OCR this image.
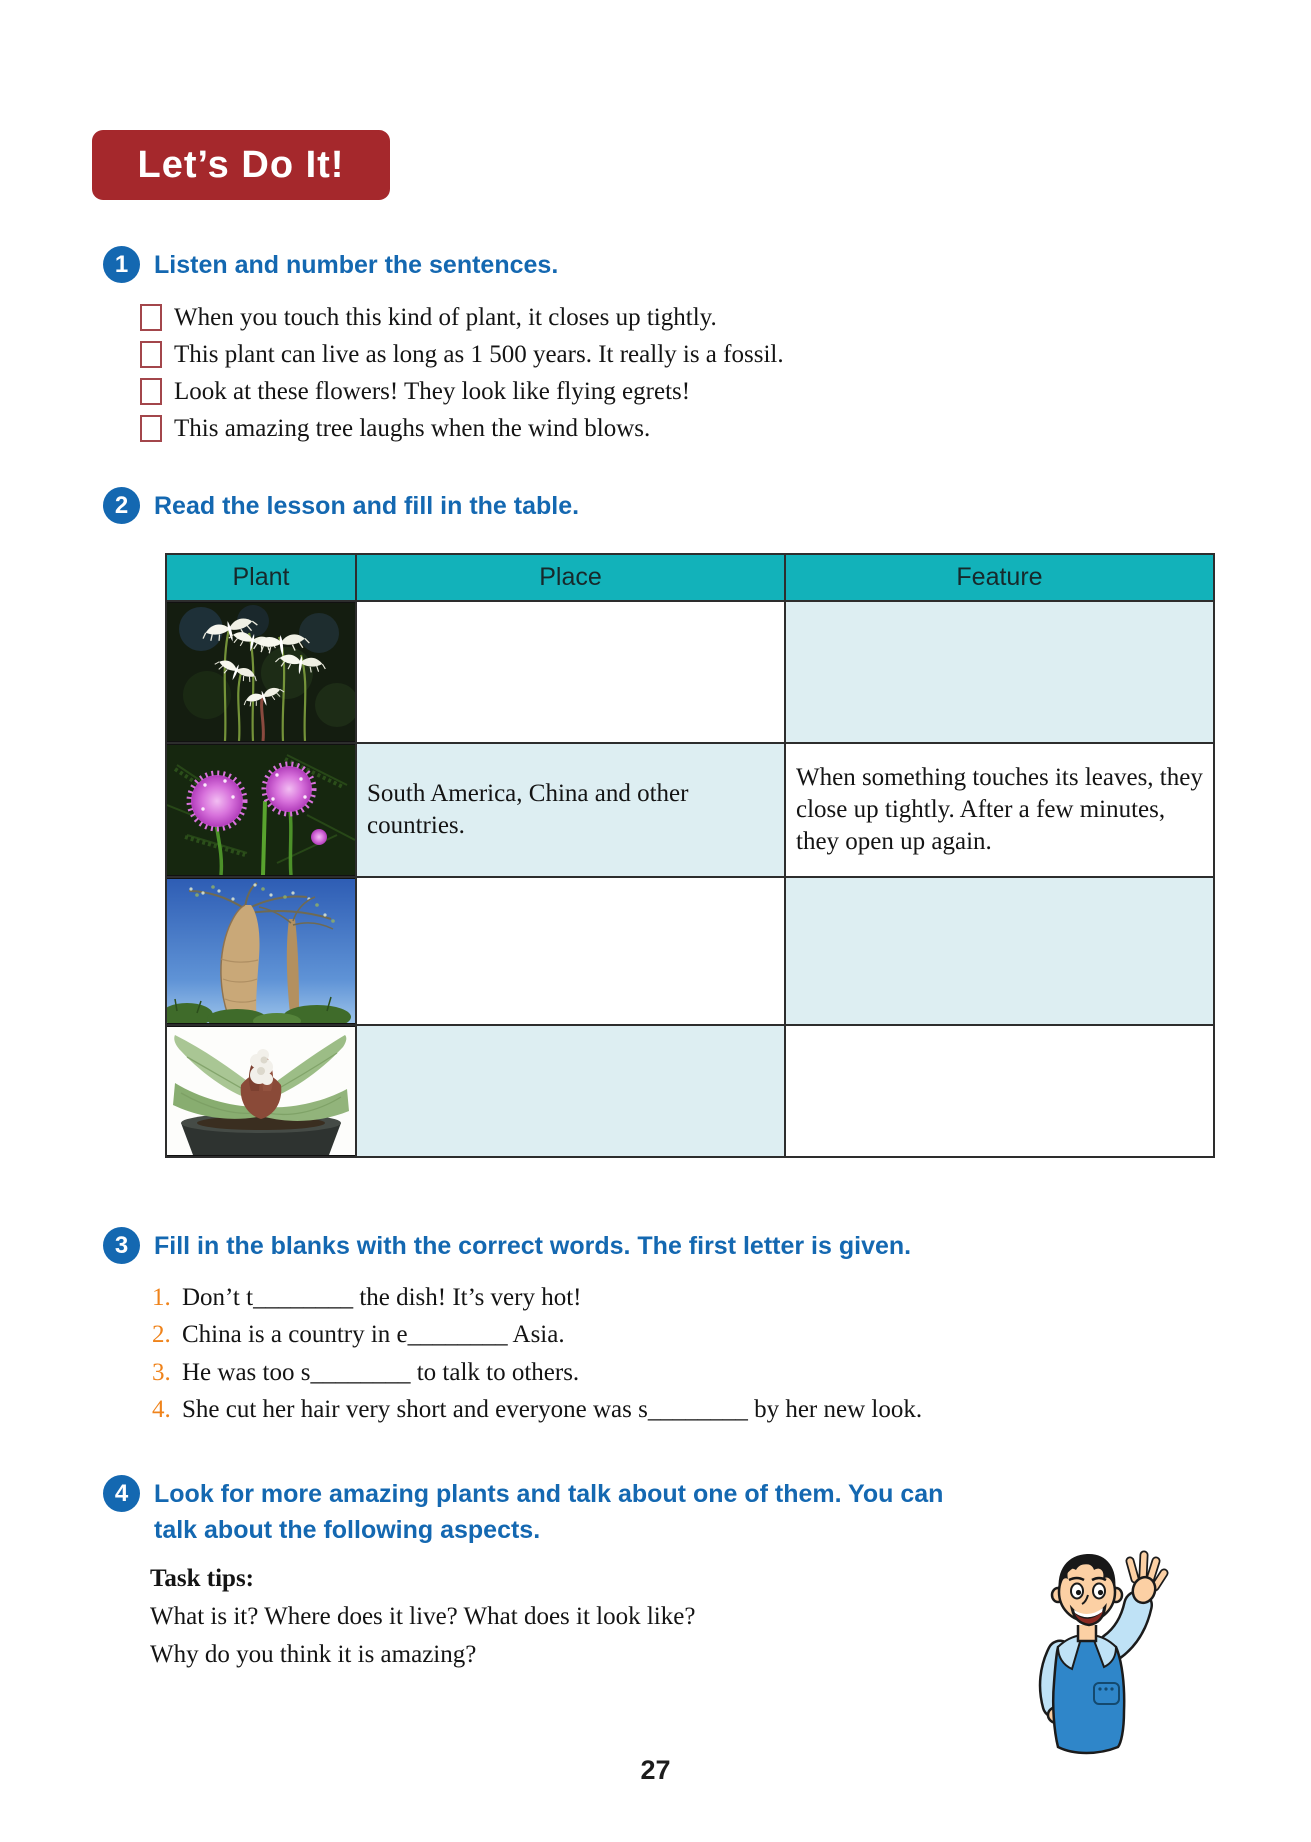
Let’s Do It!
1	Listen and number the sentences.
When you touch this kind of plant, it closes up tightly.
This plant can live as long as 1 500 years. It really is a fossil.
Look at these flowers! They look like flying egrets!
This amazing tree laughs when the wind blows.
2	Read the lesson and fill in the table.
Plant	Place	Feature

	South America, China and other countries.	When something touches its leaves, they close up tightly. After a few minutes, they open up again.

3	Fill in the blanks with the correct words. The first letter is given.
1. Don’t t________ the dish! It’s very hot!
2. China is a country in e________ Asia.
3. He was too s________ to talk to others.
4. She cut her hair very short and everyone was s________ by her new look.
4	Look for more amazing plants and talk about one of them. You can
talk about the following aspects.

Task tips:

What is it? Where does it live? What does it look like?

Why do you think it is amazing?

27
